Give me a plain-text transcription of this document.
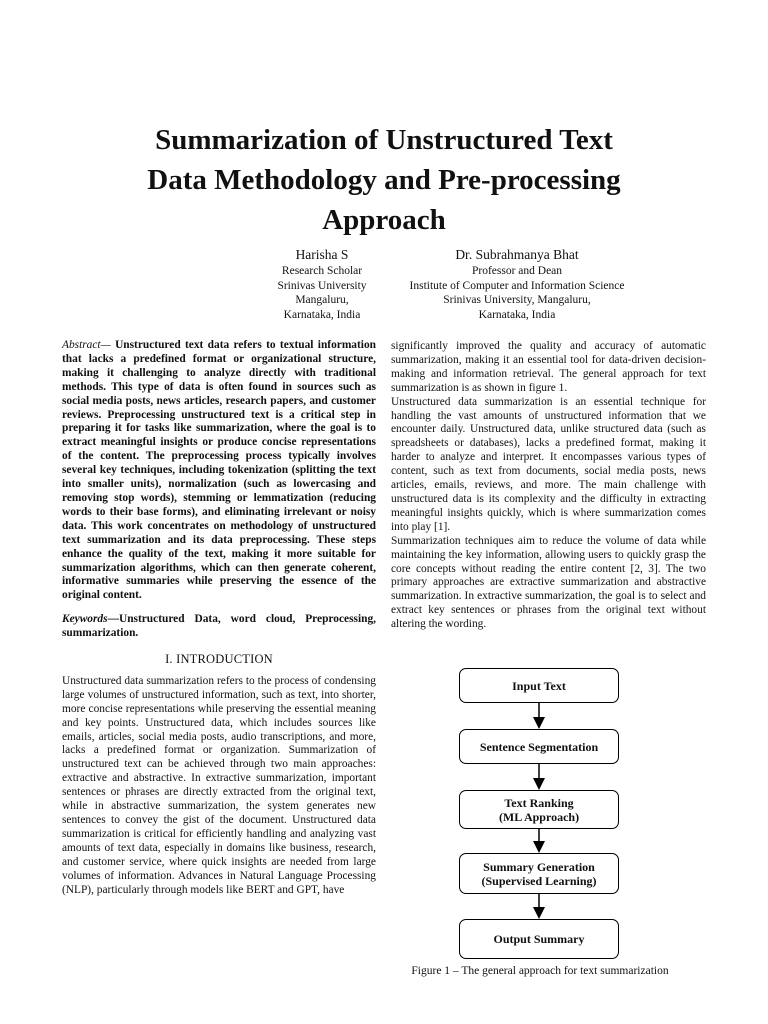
Summarization of Unstructured Text
Data Methodology and Pre-processing
Approach
Harisha S
Research Scholar
Srinivas University
Mangaluru,
Karnataka, India
Dr. Subrahmanya Bhat
Professor and Dean
Institute of Computer and Information Science
Srinivas University, Mangaluru,
Karnataka, India

Abstract— Unstructured text data refers to textual information that lacks a predefined format or organizational structure, making it challenging to analyze directly with traditional methods. This type of data is often found in sources such as social media posts, news articles, research papers, and customer reviews. Preprocessing unstructured text is a critical step in preparing it for tasks like summarization, where the goal is to extract meaningful insights or produce concise representations of the content. The preprocessing process typically involves several key techniques, including tokenization (splitting the text into smaller units), normalization (such as lowercasing and removing stop words), stemming or lemmatization (reducing words to their base forms), and eliminating irrelevant or noisy data. This work concentrates on methodology of unstructured text summarization and its data preprocessing. These steps enhance the quality of the text, making it more suitable for summarization algorithms, which can then generate coherent, informative summaries while preserving the essence of the original content.

Keywords—Unstructured Data, word cloud, Preprocessing, summarization.

I. INTRODUCTION

Unstructured data summarization refers to the process of condensing large volumes of unstructured information, such as text, into shorter, more concise representations while preserving the essential meaning and key points. Unstructured data, which includes sources like emails, articles, social media posts, audio transcriptions, and more, lacks a predefined format or organization. Summarization of unstructured text can be achieved through two main approaches: extractive and abstractive. In extractive summarization, important sentences or phrases are directly extracted from the original text, while in abstractive summarization, the system generates new sentences to convey the gist of the document. Unstructured data summarization is critical for efficiently handling and analyzing vast amounts of text data, especially in domains like business, research, and customer service, where quick insights are needed from large volumes of information. Advances in Natural Language Processing (NLP), particularly through models like BERT and GPT, have

significantly improved the quality and accuracy of automatic summarization, making it an essential tool for data-driven decision-making and information retrieval. The general approach for text summarization is as shown in figure 1.

Unstructured data summarization is an essential technique for handling the vast amounts of unstructured information that we encounter daily. Unstructured data, unlike structured data (such as spreadsheets or databases), lacks a predefined format, making it harder to analyze and interpret. It encompasses various types of content, such as text from documents, social media posts, news articles, emails, reviews, and more. The main challenge with unstructured data is its complexity and the difficulty in extracting meaningful insights quickly, which is where summarization comes into play [1].

Summarization techniques aim to reduce the volume of data while maintaining the key information, allowing users to quickly grasp the core concepts without reading the entire content [2, 3]. The two primary approaches are extractive summarization and abstractive summarization. In extractive summarization, the goal is to select and extract key sentences or phrases from the original text without altering the wording.

Input Text
Sentence Segmentation
Text Ranking
(ML Approach)
Summary Generation
(Supervised Learning)
Output Summary
Figure 1 – The general approach for text summarization
